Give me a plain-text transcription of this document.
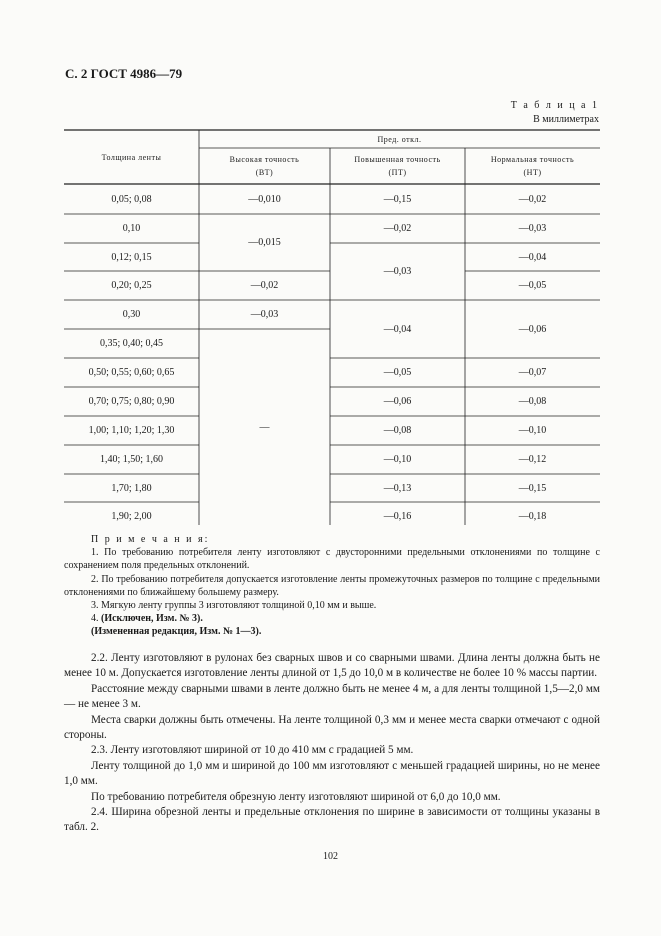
С. 2 ГОСТ 4986—79
Т а б л и ц а 1
В миллиметрах
Толщина ленты
Пред. откл.
Высокая точность
(ВТ)
Повышенная точность
(ПТ)
Нормальная точность
(НТ)
0,05; 0,08
0,10
0,12; 0,15
0,20; 0,25
0,30
0,35; 0,40; 0,45
0,50; 0,55; 0,60; 0,65
0,70; 0,75; 0,80; 0,90
1,00; 1,10; 1,20; 1,30
1,40; 1,50; 1,60
1,70; 1,80
1,90; 2,00
—0,010
—0,015
—0,02
—0,03
—
—0,15
—0,02
—0,03
—0,04
—0,05
—0,06
—0,08
—0,10
—0,13
—0,16
—0,02
—0,03
—0,04
—0,05
—0,06
—0,07
—0,08
—0,10
—0,12
—0,15
—0,18

П р и м е ч а н и я:

1. По требованию потребителя ленту изготовляют с двусторонними предельными отклонениями по толщине с сохранением поля предельных отклонений.

2. По требованию потребителя допускается изготовление ленты промежуточных размеров по толщине с предельными отклонениями по ближайшему большему размеру.

3. Мягкую ленту группы 3 изготовляют толщиной 0,10 мм и выше.

4. (Исключен, Изм. № 3).

(Измененная редакция, Изм. № 1—3).

2.2. Ленту изготовляют в рулонах без сварных швов и со сварными швами. Длина ленты должна быть не менее 10 м. Допускается изготовление ленты длиной от 1,5 до 10,0 м в количестве не более 10 % массы партии.

Расстояние между сварными швами в ленте должно быть не менее 4 м, а для ленты толщиной 1,5—2,0 мм — не менее 3 м.

Места сварки должны быть отмечены. На ленте толщиной 0,3 мм и менее места сварки отмечают с одной стороны.

2.3. Ленту изготовляют шириной от 10 до 410 мм с градацией 5 мм.

Ленту толщиной до 1,0 мм и шириной до 100 мм изготовляют с меньшей градацией ширины, но не менее 1,0 мм.

По требованию потребителя обрезную ленту изготовляют шириной от 6,0 до 10,0 мм.

2.4. Ширина обрезной ленты и предельные отклонения по ширине в зависимости от толщины указаны в табл. 2.

102
